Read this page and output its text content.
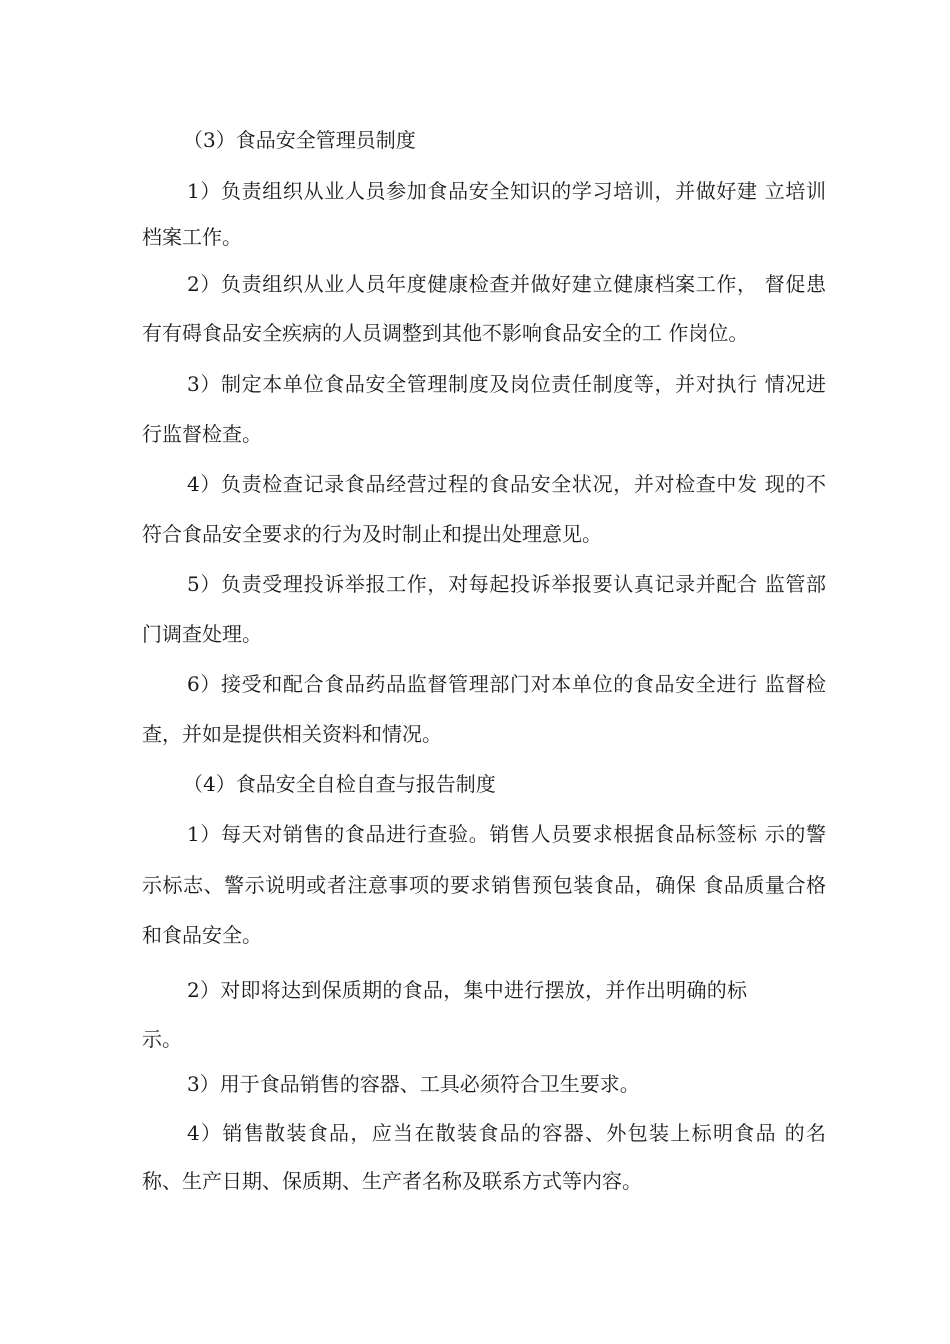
（3）食品安全管理员制度
1）负责组织从业人员参加食品安全知识的学习培训，并做好建 立培训
档案工作。
2）负责组织从业人员年度健康检查并做好建立健康档案工作， 督促患
有有碍食品安全疾病的人员调整到其他不影响食品安全的工 作岗位。
3）制定本单位食品安全管理制度及岗位责任制度等，并对执行 情况进
行监督检查。
4）负责检查记录食品经营过程的食品安全状况，并对检查中发 现的不
符合食品安全要求的行为及时制止和提出处理意见。
5）负责受理投诉举报工作，对每起投诉举报要认真记录并配合 监管部
门调查处理。
6）接受和配合食品药品监督管理部门对本单位的食品安全进行 监督检
查，并如是提供相关资料和情况。
（4）食品安全自检自查与报告制度
1）每天对销售的食品进行查验。销售人员要求根据食品标签标 示的警
示标志、警示说明或者注意事项的要求销售预包装食品，确保 食品质量合格
和食品安全。
2）对即将达到保质期的食品，集中进行摆放，并作出明确的标
示。
3）用于食品销售的容器、工具必须符合卫生要求。
4）销售散装食品，应当在散装食品的容器、外包装上标明食品 的名
称、生产日期、保质期、生产者名称及联系方式等内容。
